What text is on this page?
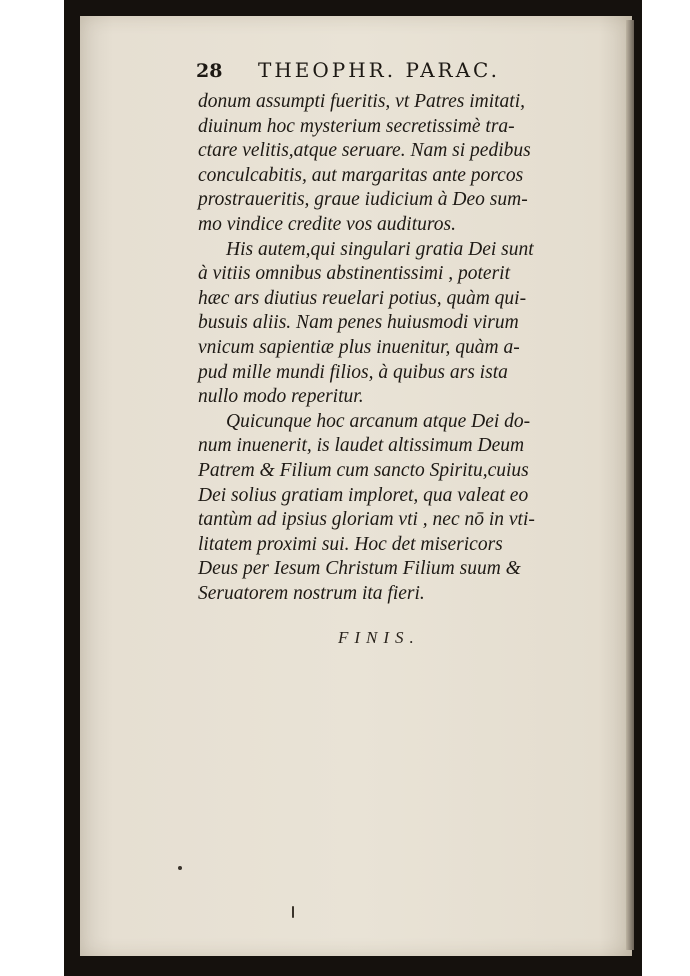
28 THEOPHR. PARAC.
donum assumpti fueritis, vt Patres imitati,
diuinum hoc mysterium secretissimè tra-
ctare velitis,atque seruare. Nam si pedibus
conculcabitis, aut margaritas ante porcos
prostraueritis, graue iudicium à Deo sum-
mo vindice credite vos audituros.
His autem,qui singulari gratia Dei sunt
à vitiis omnibus abstinentissimi , poterit
hæc ars diutius reuelari potius, quàm qui-
busuis aliis. Nam penes huiusmodi virum
vnicum sapientiæ plus inuenitur, quàm a-
pud mille mundi filios, à quibus ars ista
nullo modo reperitur.
Quicunque hoc arcanum atque Dei do-
num inuenerit, is laudet altissimum Deum
Patrem & Filium cum sancto Spiritu,cuius
Dei solius gratiam imploret, qua valeat eo
tantùm ad ipsius gloriam vti , nec nō in vti-
litatem proximi sui. Hoc det misericors
Deus per Iesum Christum Filium suum &
Seruatorem nostrum ita fieri.
FINIS.
